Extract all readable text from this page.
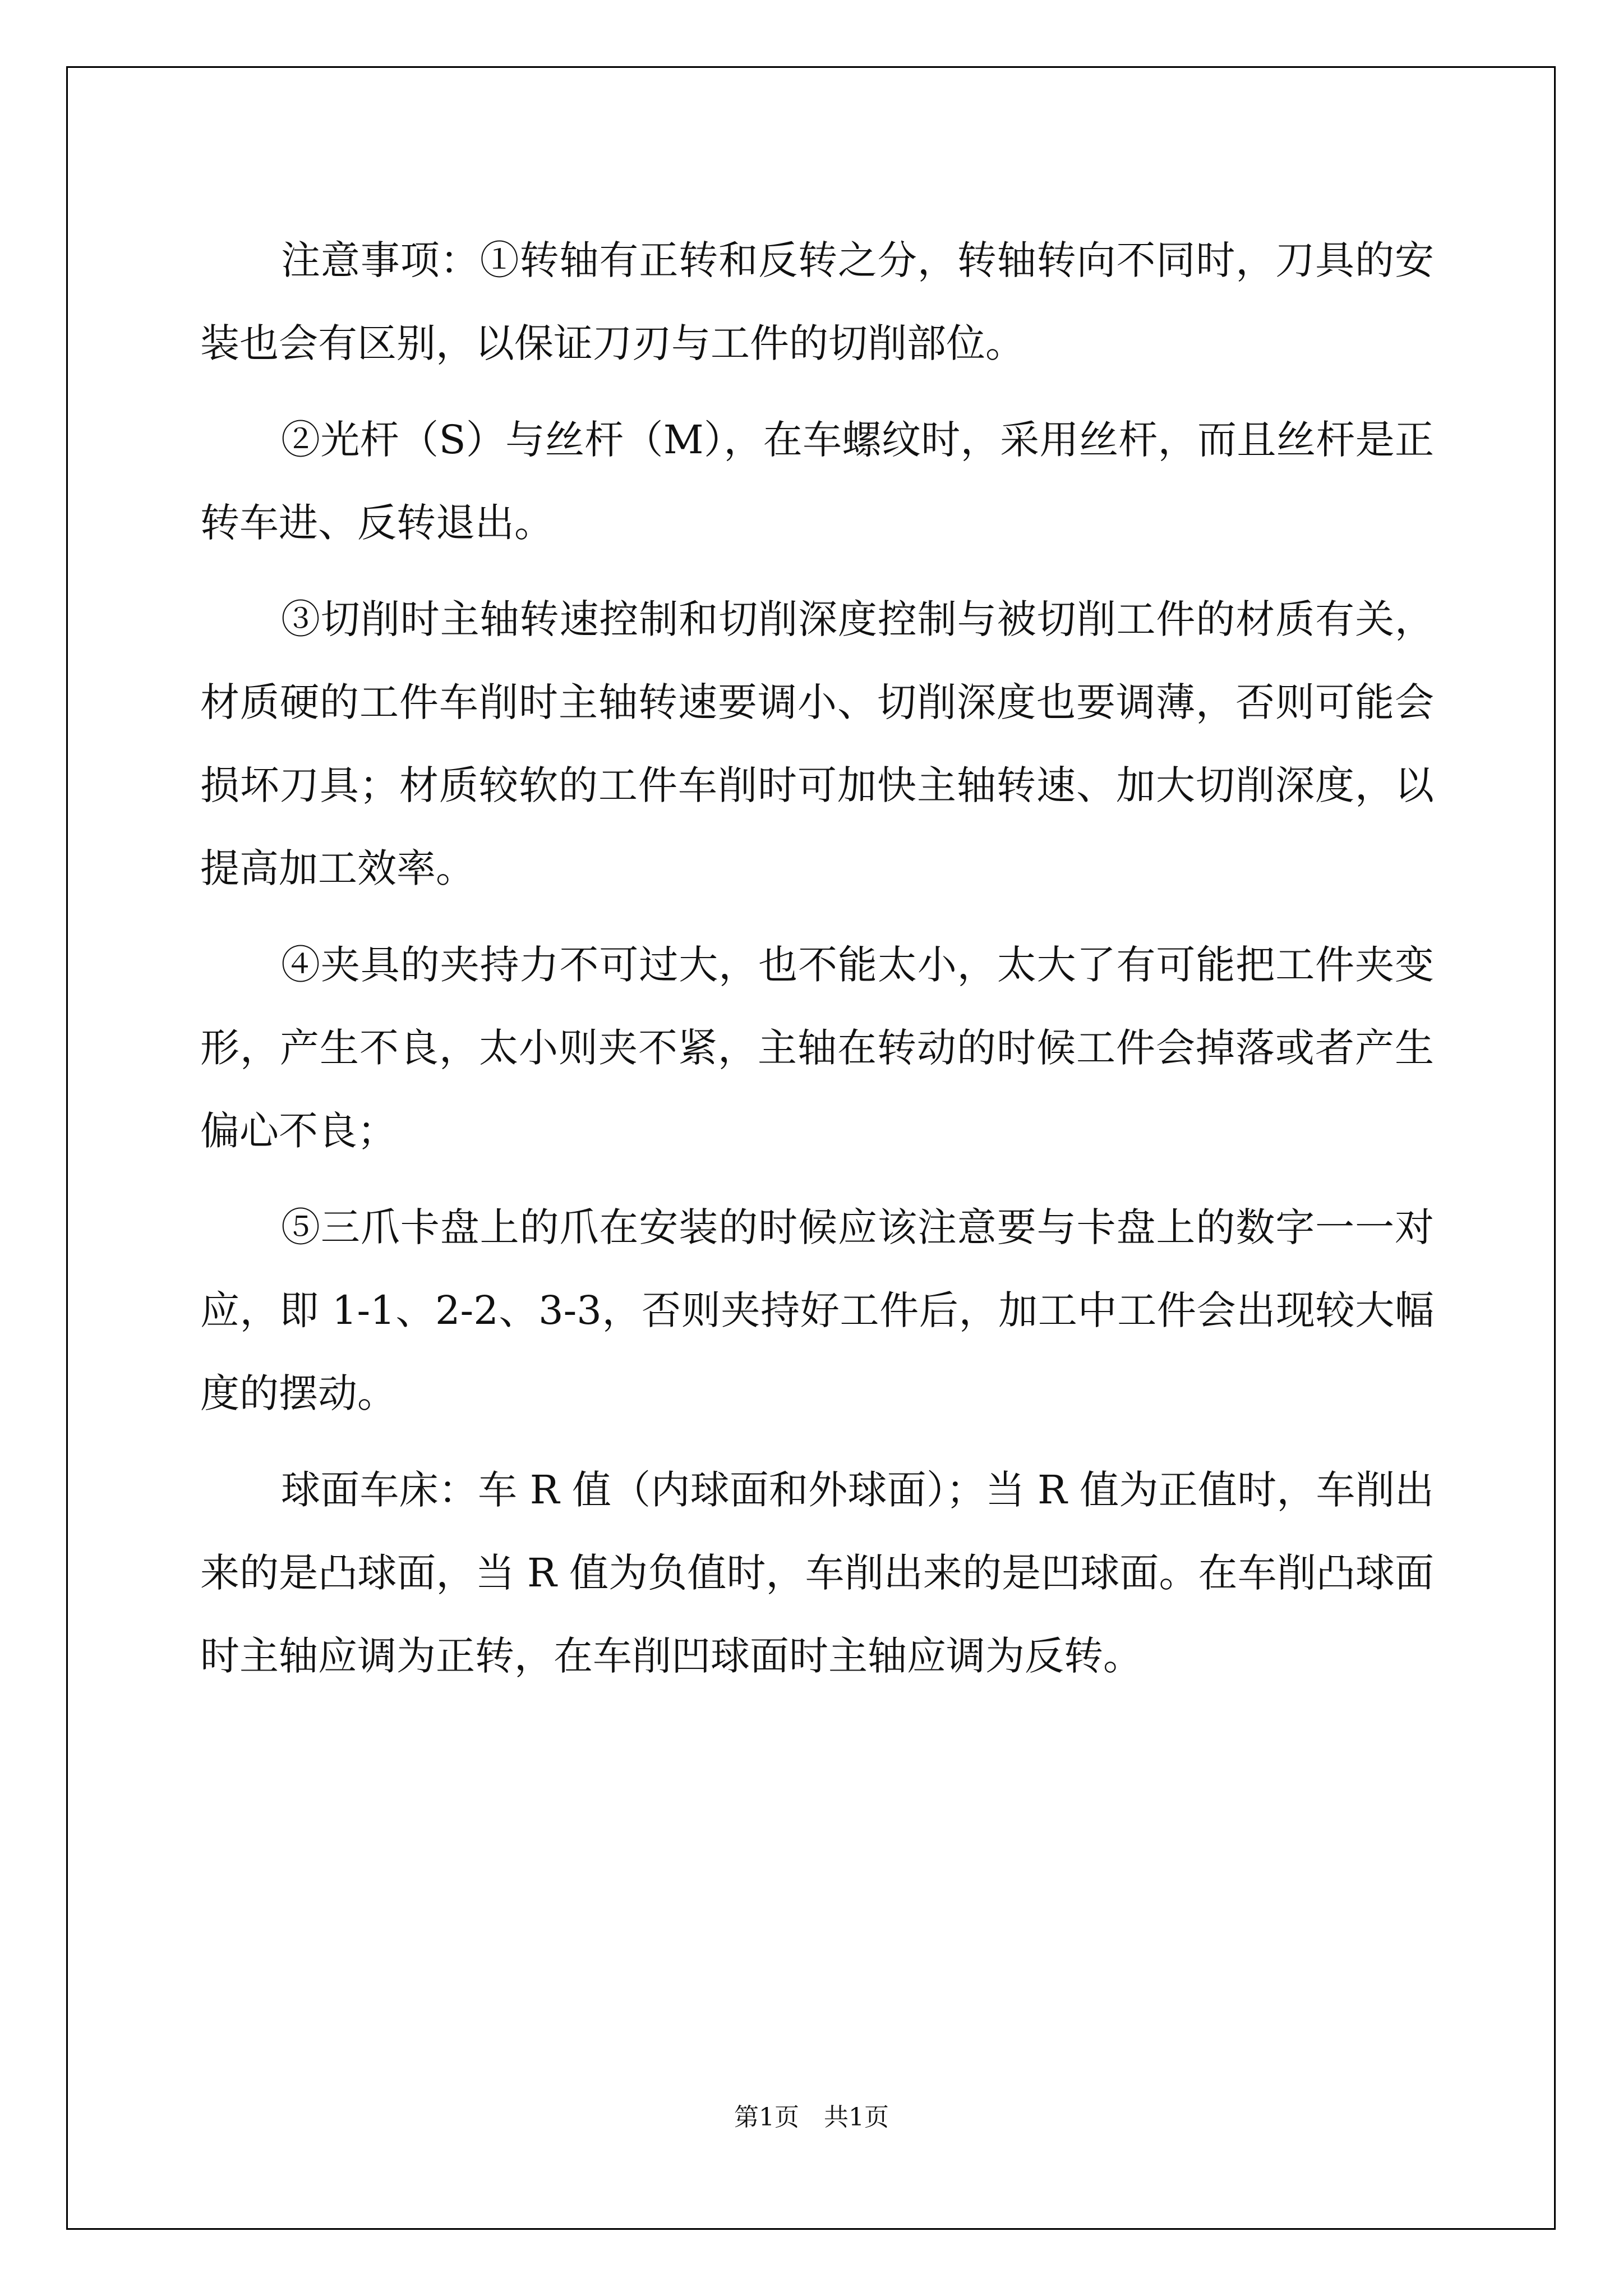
注意事项：①转轴有正转和反转之分，转轴转向不同时，刀具的安装也会有区别，以保证刀刃与工件的切削部位。

②光杆（S）与丝杆（M），在车螺纹时，采用丝杆，而且丝杆是正转车进、反转退出。

③切削时主轴转速控制和切削深度控制与被切削工件的材质有关，材质硬的工件车削时主轴转速要调小、切削深度也要调薄，否则可能会损坏刀具；材质较软的工件车削时可加快主轴转速、加大切削深度，以提高加工效率。

④夹具的夹持力不可过大，也不能太小，太大了有可能把工件夹变形，产生不良，太小则夹不紧，主轴在转动的时候工件会掉落或者产生偏心不良；

⑤三爪卡盘上的爪在安装的时候应该注意要与卡盘上的数字一一对应，即 1-1、2-2、3-3，否则夹持好工件后，加工中工件会出现较大幅度的摆动。

球面车床：车 R 值（内球面和外球面）；当 R 值为正值时，车削出来的是凸球面，当 R 值为负值时，车削出来的是凹球面。在车削凸球面时主轴应调为正转，在车削凹球面时主轴应调为反转。

第1页　共1页
